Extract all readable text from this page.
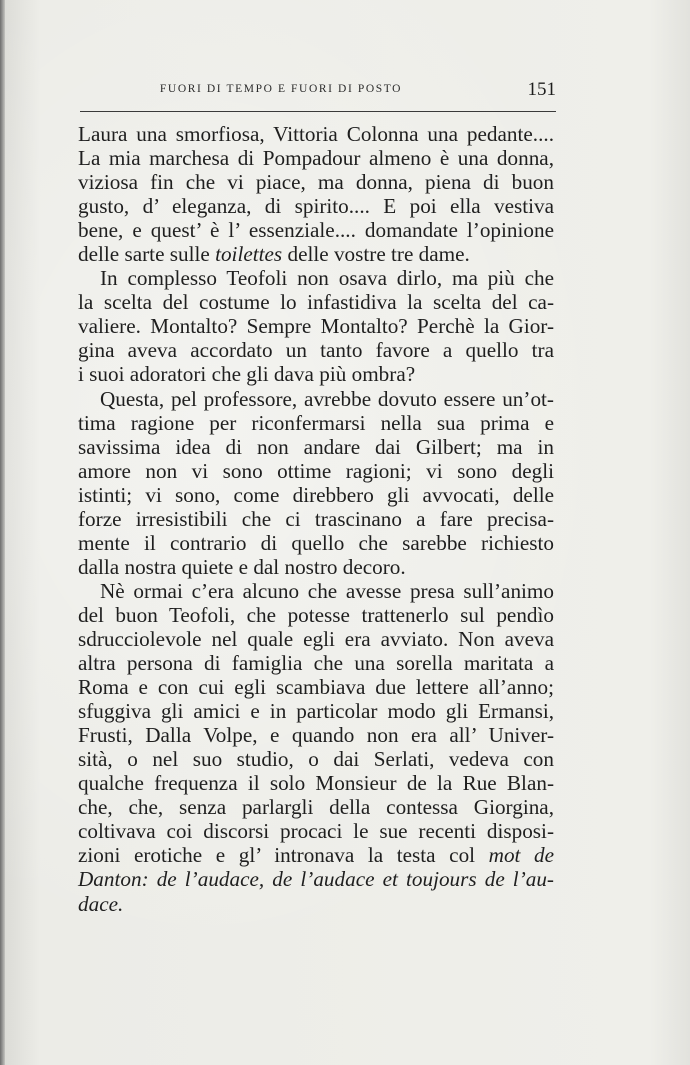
FUORI DI TEMPO E FUORI DI POSTO	151
Laura una smorfiosa, Vittoria Colonna una pedante....
La mia marchesa di Pompadour almeno è una donna,
viziosa fin che vi piace, ma donna, piena di buon
gusto, d’ eleganza, di spirito.... E poi ella vestiva
bene, e quest’ è l’ essenziale.... domandate l’opinione
delle sarte sulle toilettes delle vostre tre dame.
In complesso Teofoli non osava dirlo, ma più che
la scelta del costume lo infastidiva la scelta del ca-
valiere. Montalto? Sempre Montalto? Perchè la Gior-
gina aveva accordato un tanto favore a quello tra
i suoi adoratori che gli dava più ombra?
Questa, pel professore, avrebbe dovuto essere un’ot-
tima ragione per riconfermarsi nella sua prima e
savissima idea di non andare dai Gilbert; ma in
amore non vi sono ottime ragioni; vi sono degli
istinti; vi sono, come direbbero gli avvocati, delle
forze irresistibili che ci trascinano a fare precisa-
mente il contrario di quello che sarebbe richiesto
dalla nostra quiete e dal nostro decoro.
Nè ormai c’era alcuno che avesse presa sull’animo
del buon Teofoli, che potesse trattenerlo sul pendìo
sdrucciolevole nel quale egli era avviato. Non aveva
altra persona di famiglia che una sorella maritata a
Roma e con cui egli scambiava due lettere all’anno;
sfuggiva gli amici e in particolar modo gli Ermansi,
Frusti, Dalla Volpe, e quando non era all’ Univer-
sità, o nel suo studio, o dai Serlati, vedeva con
qualche frequenza il solo Monsieur de la Rue Blan-
che, che, senza parlargli della contessa Giorgina,
coltivava coi discorsi procaci le sue recenti disposi-
zioni erotiche e gl’ intronava la testa col mot de
Danton: de l’audace, de l’audace et toujours de l’au-
dace.
